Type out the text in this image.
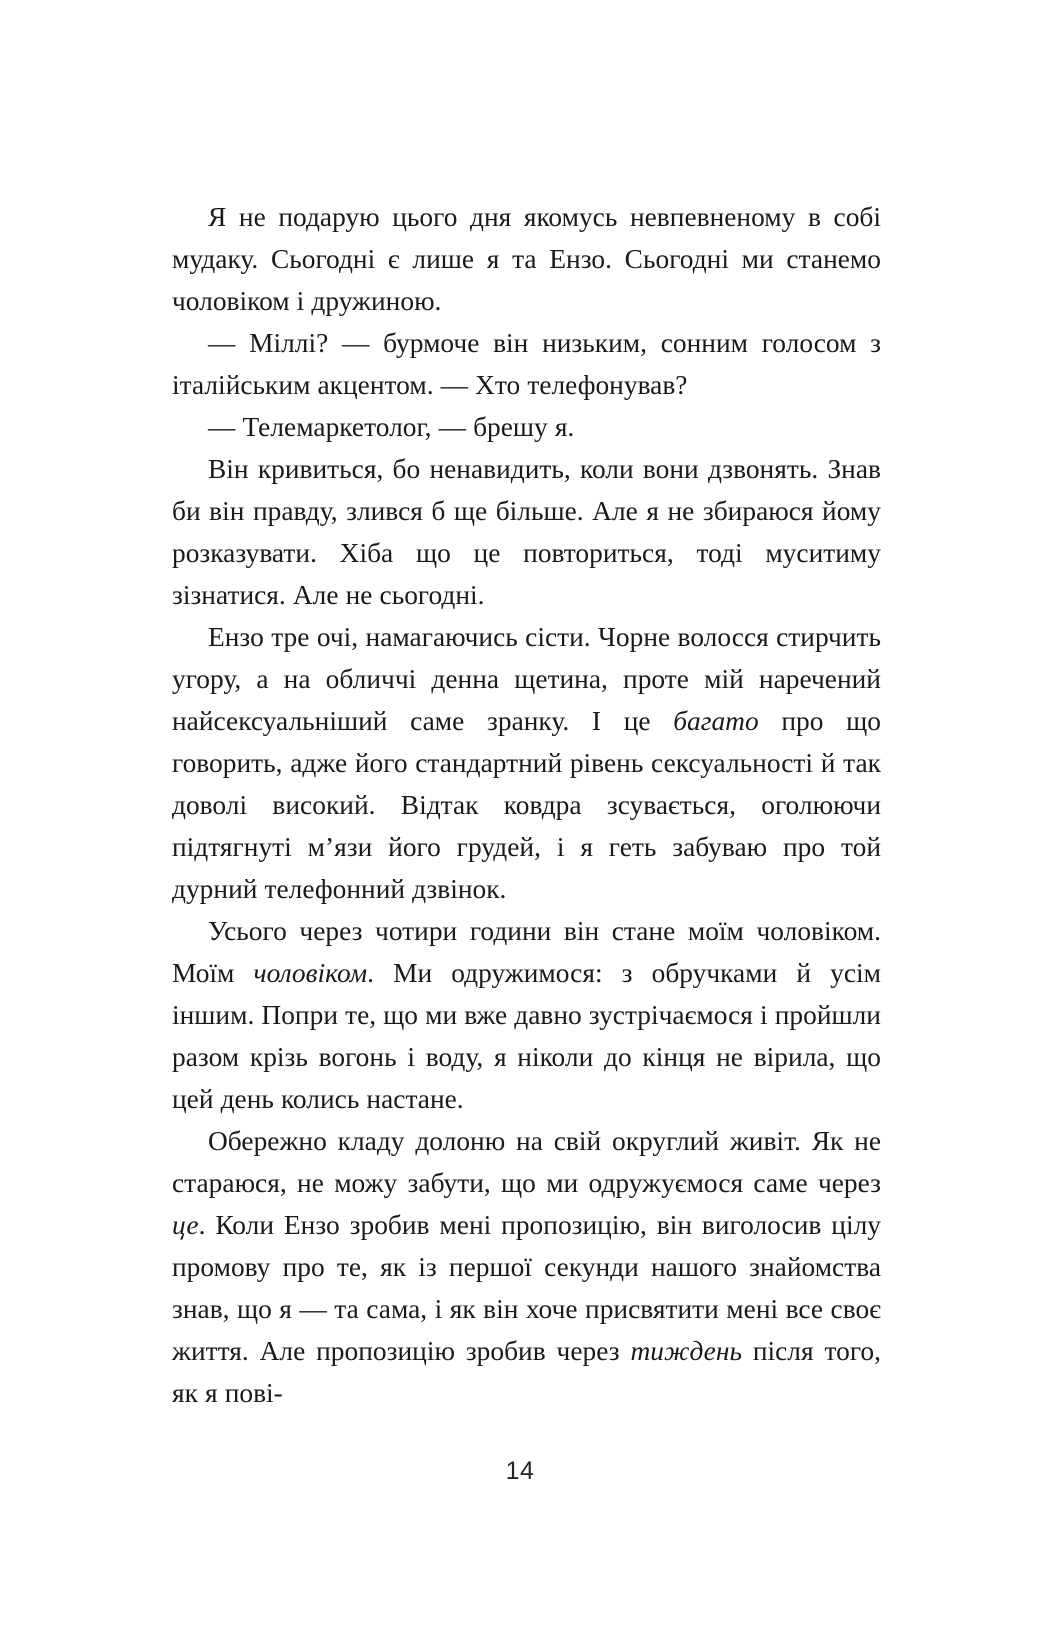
Я не подарую цього дня якомусь невпевненому в собі мудаку. Сьогодні є лише я та Ензо. Сьогодні ми станемо чоловіком і дружиною.

— Міллі? — бурмоче він низьким, сонним голосом з італійським акцентом. — Хто телефонував?

— Телемаркетолог, — брешу я.

Він кривиться, бо ненавидить, коли вони дзвонять. Знав би він правду, злився б ще більше. Але я не збираюся йому розказувати. Хіба що це повториться, тоді муситиму зізнатися. Але не сьогодні.

Ензо тре очі, намагаючись сісти. Чорне волосся стирчить угору, а на обличчі денна щетина, проте мій наречений найсексуальніший саме зранку. І це багато про що говорить, адже його стандартний рівень сексуальності й так доволі високий. Відтак ковдра зсувається, оголюючи підтягнуті м’язи його грудей, і я геть забуваю про той дурний телефонний дзвінок.

Усього через чотири години він стане моїм чоловіком. Моїм чоловіком. Ми одружимося: з обручками й усім іншим. Попри те, що ми вже давно зустрічаємося і пройшли разом крізь вогонь і воду, я ніколи до кінця не вірила, що цей день колись настане.

Обережно кладу долоню на свій округлий живіт. Як не стараюся, не можу забути, що ми одружуємося саме через це. Коли Ензо зробив мені пропозицію, він виголосив цілу промову про те, як із першої секунди нашого знайомства знав, що я — та сама, і як він хоче присвятити мені все своє життя. Але пропозицію зробив через тиждень після того, як я пові-

14
